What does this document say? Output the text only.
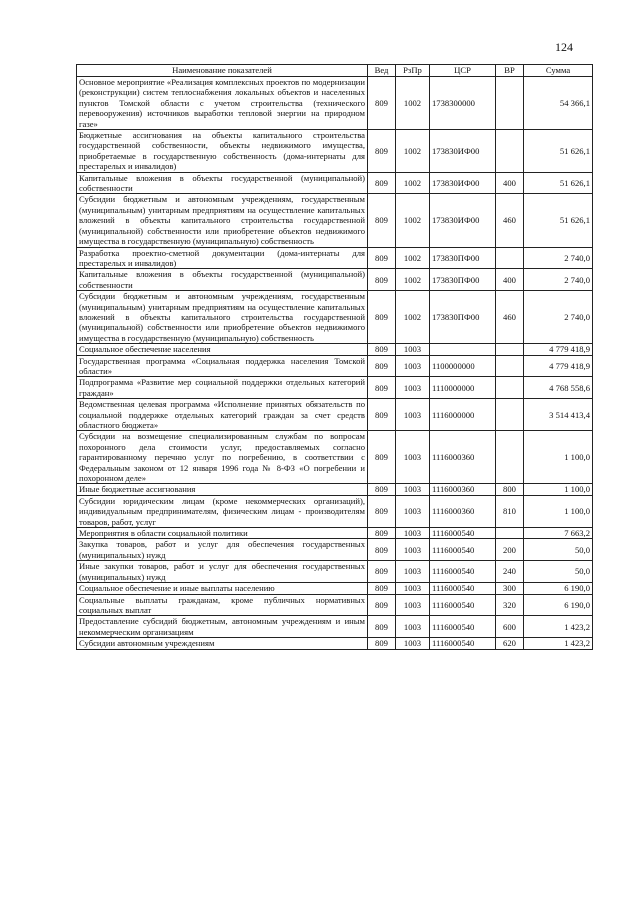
124
Наименование показателей	Вед	РзПр	ЦСР	ВР	Сумма
Основное мероприятие «Реализация комплексных проектов по модернизации (реконструкции) систем теплоснабжения локальных объектов и населенных пунктов Томской области с учетом строительства (технического перевооружения) источников выработки тепловой энергии на природном газе»	809	1002	1738300000		54 366,1
Бюджетные ассигнования на объекты капитального строительства государственной собственности, объекты недвижимого имущества, приобретаемые в государственную собственность (дома-интернаты для престарелых и инвалидов)	809	1002	173830ИФ00		51 626,1
Капитальные вложения в объекты государственной (муниципальной) собственности	809	1002	173830ИФ00	400	51 626,1
Субсидии бюджетным и автономным учреждениям, государственным (муниципальным) унитарным предприятиям на осуществление капитальных вложений в объекты капитального строительства государственной (муниципальной) собственности или приобретение объектов недвижимого имущества в государственную (муниципальную) собственность	809	1002	173830ИФ00	460	51 626,1
Разработка проектно-сметной документации (дома-интернаты для престарелых и инвалидов)	809	1002	173830ПФ00		2 740,0
Капитальные вложения в объекты государственной (муниципальной) собственности	809	1002	173830ПФ00	400	2 740,0
Субсидии бюджетным и автономным учреждениям, государственным (муниципальным) унитарным предприятиям на осуществление капитальных вложений в объекты капитального строительства государственной (муниципальной) собственности или приобретение объектов недвижимого имущества в государственную (муниципальную) собственность	809	1002	173830ПФ00	460	2 740,0
Социальное обеспечение населения	809	1003			4 779 418,9
Государственная программа «Социальная поддержка населения Томской области»	809	1003	1100000000		4 779 418,9
Подпрограмма «Развитие мер социальной поддержки отдельных категорий граждан»	809	1003	1110000000		4 768 558,6
Ведомственная целевая программа «Исполнение принятых обязательств по социальной поддержке отдельных категорий граждан за счет средств областного бюджета»	809	1003	1116000000		3 514 413,4
Субсидии на возмещение специализированным службам по вопросам похоронного дела стоимости услуг, предоставляемых согласно гарантированному перечню услуг по погребению, в соответствии с Федеральным законом от 12 января 1996 года № 8-ФЗ «О погребении и похоронном деле»	809	1003	1116000360		1 100,0
Иные бюджетные ассигнования	809	1003	1116000360	800	1 100,0
Субсидии юридическим лицам (кроме некоммерческих организаций), индивидуальным предпринимателям, физическим лицам - производителям товаров, работ, услуг	809	1003	1116000360	810	1 100,0
Мероприятия в области социальной политики	809	1003	1116000540		7 663,2
Закупка товаров, работ и услуг для обеспечения государственных (муниципальных) нужд	809	1003	1116000540	200	50,0
Иные закупки товаров, работ и услуг для обеспечения государственных (муниципальных) нужд	809	1003	1116000540	240	50,0
Социальное обеспечение и иные выплаты населению	809	1003	1116000540	300	6 190,0
Социальные выплаты гражданам, кроме публичных нормативных социальных выплат	809	1003	1116000540	320	6 190,0
Предоставление субсидий бюджетным, автономным учреждениям и иным некоммерческим организациям	809	1003	1116000540	600	1 423,2
Субсидии автономным учреждениям	809	1003	1116000540	620	1 423,2
